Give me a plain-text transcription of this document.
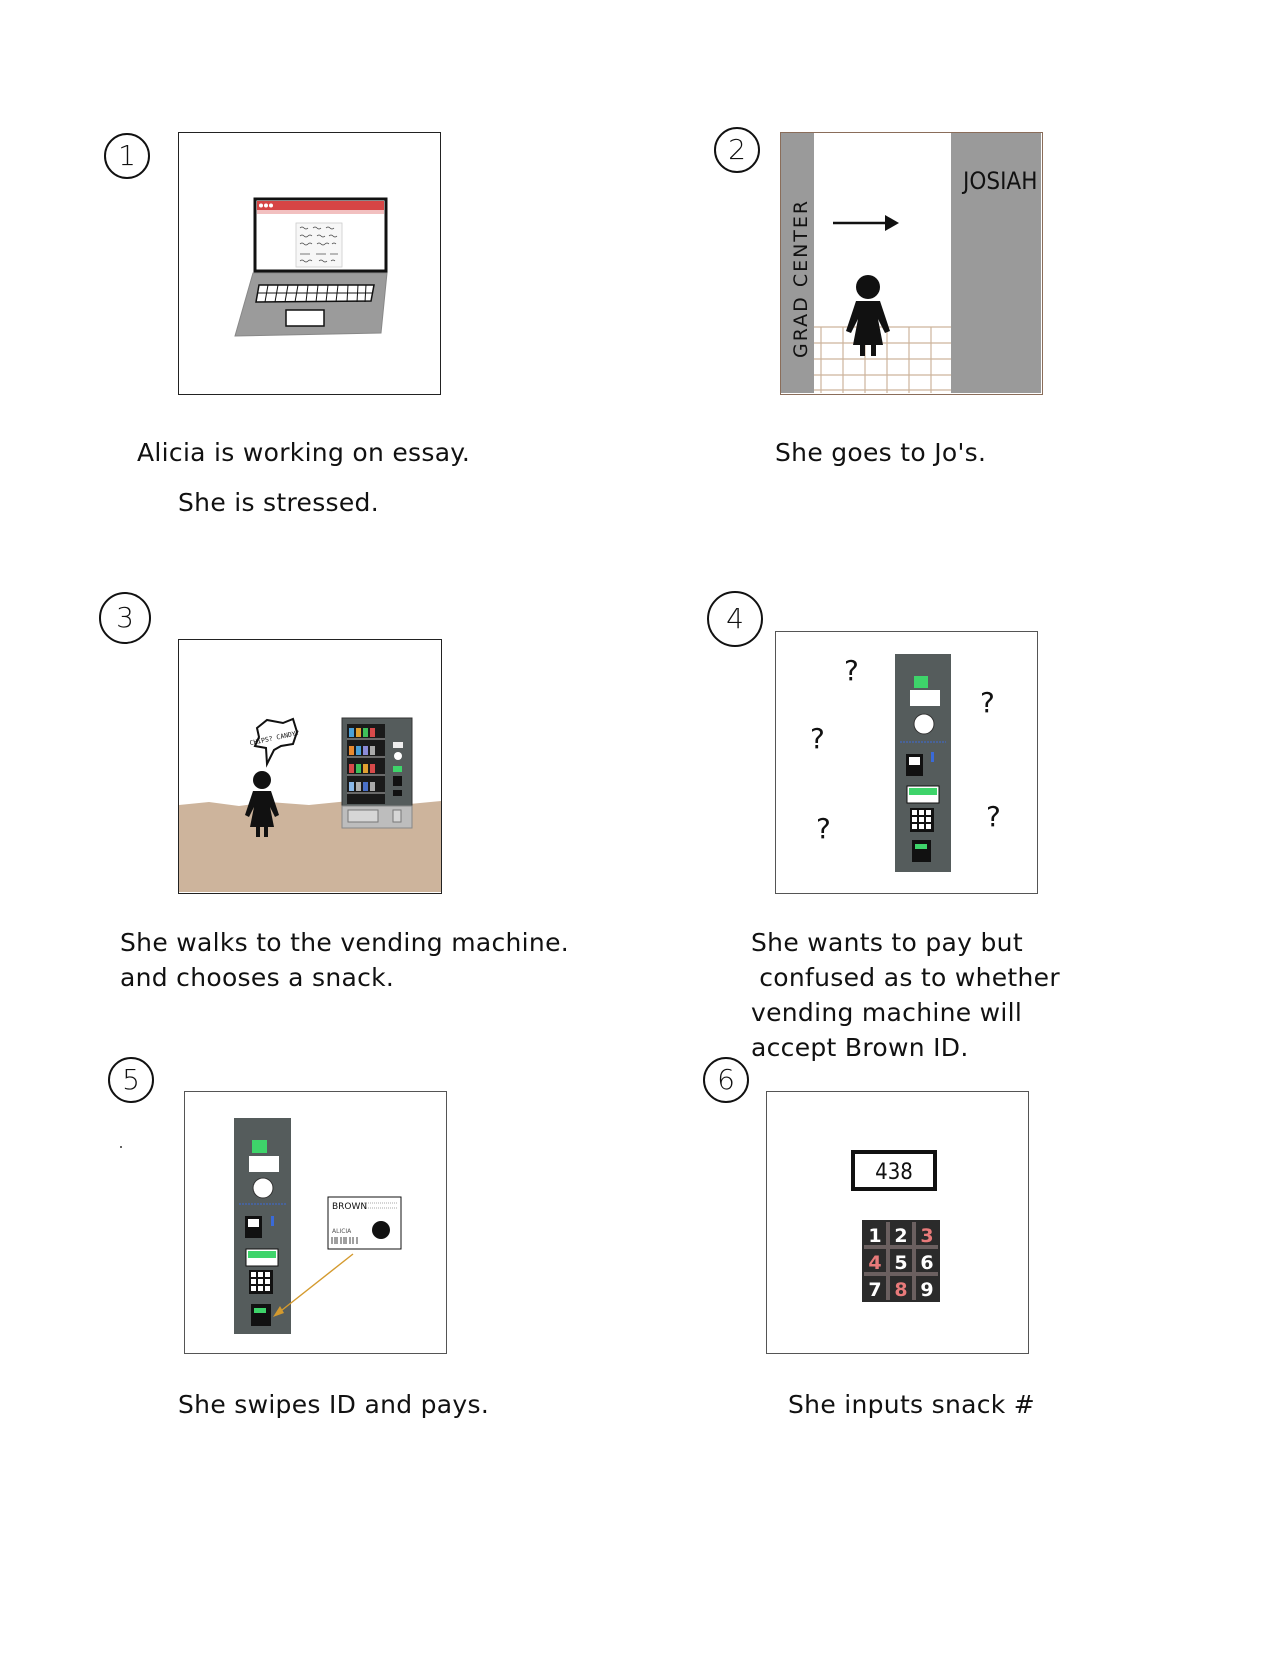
1
Alicia is working on essay.
She is stressed.
2
GRAD CENTER
JOSIAH
She goes to Jo's.
3
CHIPS? CANDY?
She walks to the vending machine.
and chooses a snack.
4
?
?
?
?
?
She wants to pay but
confused as to whether
vending machine will
accept Brown ID.
5
BROWN
ALICIA
She swipes ID and pays.
6
438
1 2 3
4 5 6
7 8 9
She inputs snack #
